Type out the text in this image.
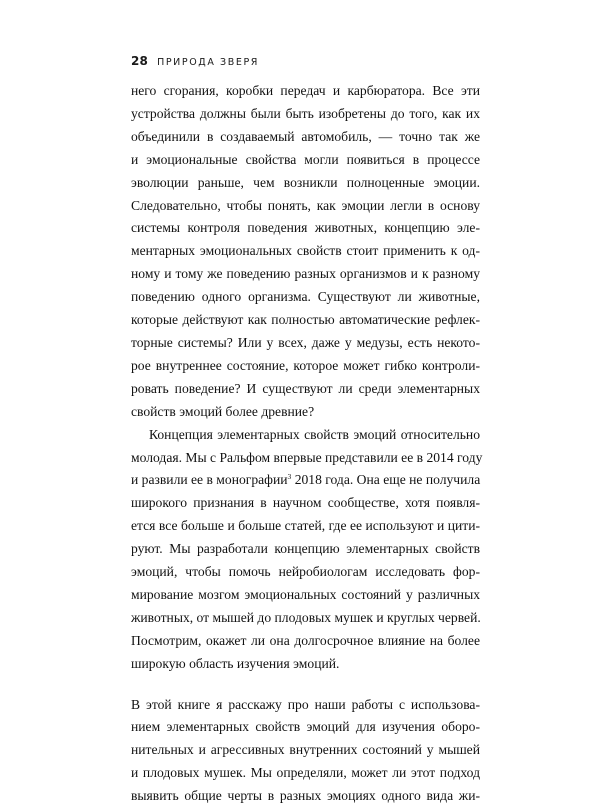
28 ПРИРОДА ЗВЕРЯ
него сгорания, коробки передач и карбюратора. Все эти
устройства должны были быть изобретены до того, как их
объединили в создаваемый автомобиль, — точно так же
и эмоциональные свойства могли появиться в процессе
эволюции раньше, чем возникли полноценные эмоции.
Следовательно, чтобы понять, как эмоции легли в основу
системы контроля поведения животных, концепцию эле-
ментарных эмоциональных свойств стоит применить к од-
ному и тому же поведению разных организмов и к разному
поведению одного организма. Существуют ли животные,
которые действуют как полностью автоматические рефлек-
торные системы? Или у всех, даже у медузы, есть некото-
рое внутреннее состояние, которое может гибко контроли-
ровать поведение? И существуют ли среди элементарных
свойств эмоций более древние?
Концепция элементарных свойств эмоций относительно
молодая. Мы с Ральфом впервые представили ее в 2014 году
и развили ее в монографии$^3$ 2018 года. Она еще не получила
широкого признания в научном сообществе, хотя появля-
ется все больше и больше статей, где ее используют и цити-
руют. Мы разработали концепцию элементарных свойств
эмоций, чтобы помочь нейробиологам исследовать фор-
мирование мозгом эмоциональных состояний у различных
животных, от мышей до плодовых мушек и круглых червей.
Посмотрим, окажет ли она долгосрочное влияние на более
широкую область изучения эмоций.
В этой книге я расскажу про наши работы с использова-
нием элементарных свойств эмоций для изучения оборо-
нительных и агрессивных внутренних состояний у мышей
и плодовых мушек. Мы определяли, может ли этот подход
выявить общие черты в разных эмоциях одного вида жи-
